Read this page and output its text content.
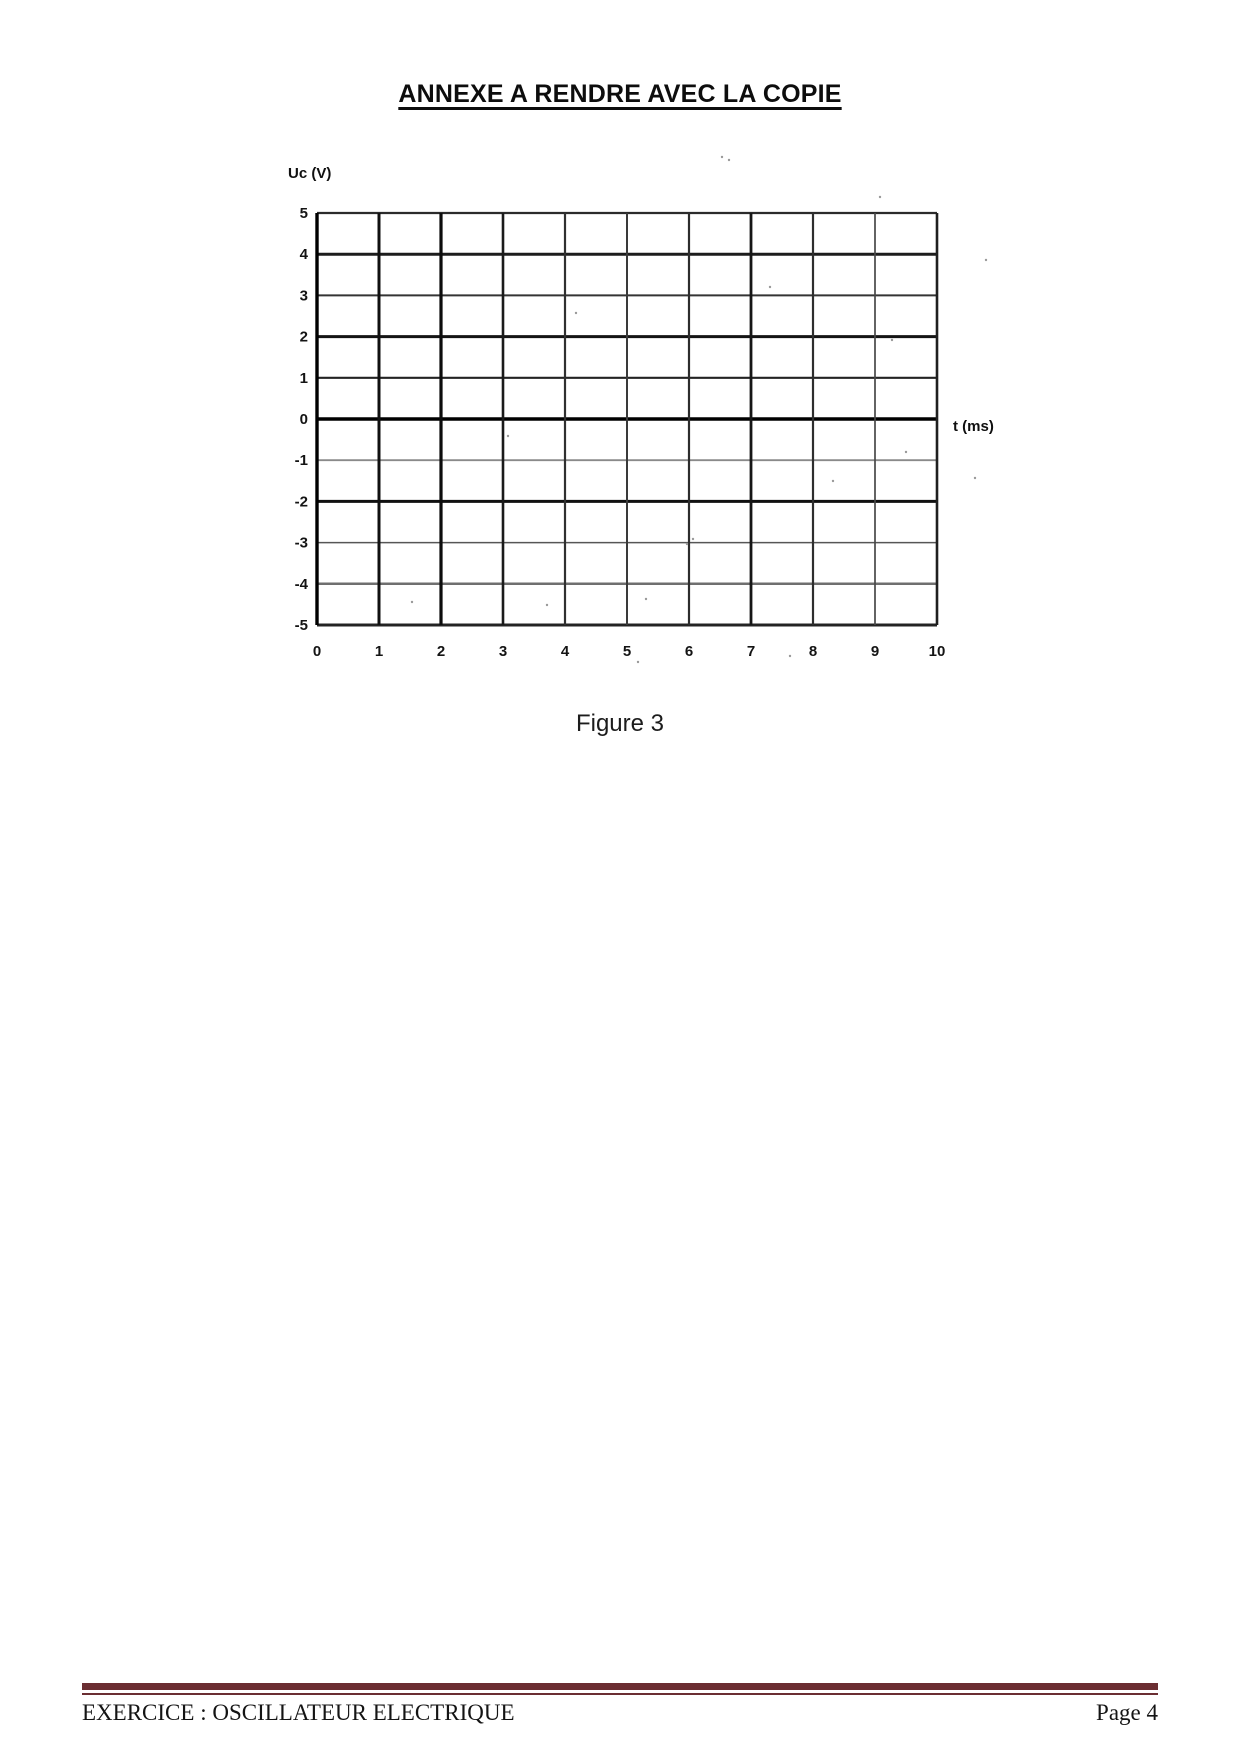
ANNEXE A RENDRE AVEC LA COPIE
5
4
3
2
1
0
-1
-2
-3
-4
-5
0	1	2	3	4	5	6	7	8	9	10
Uc (V)
t (ms)
Figure 3
EXERCICE : OSCILLATEUR ELECTRIQUE	Page 4
